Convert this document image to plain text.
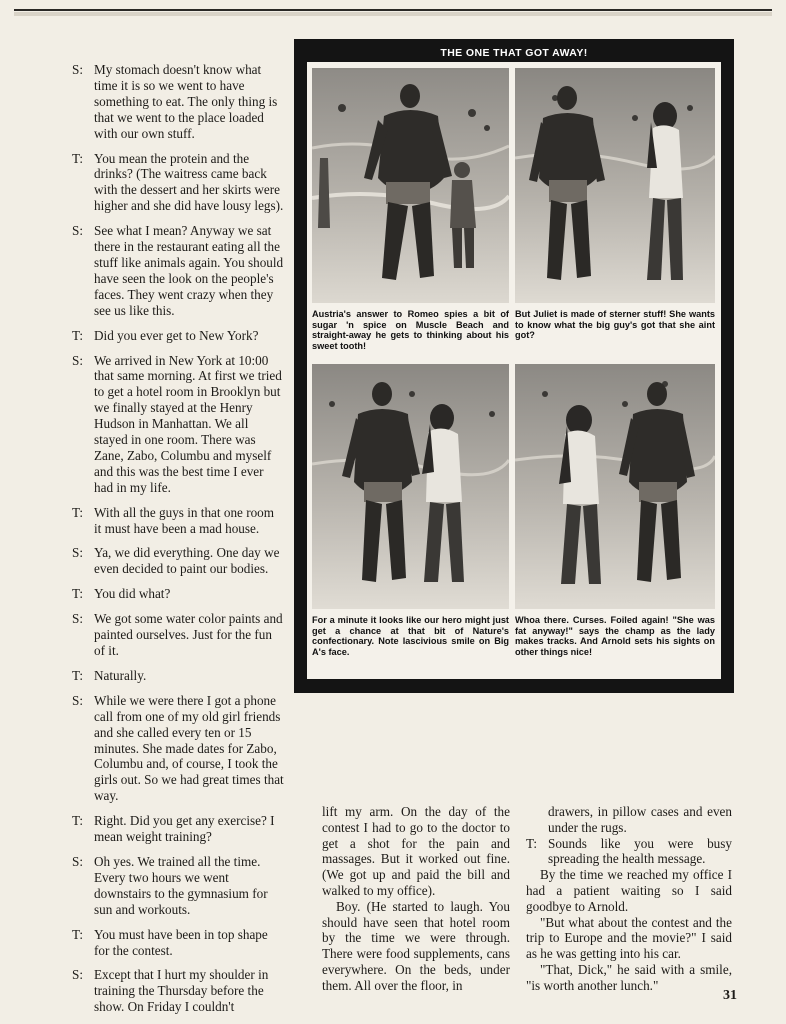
S: My stomach doesn't know what time it is so we went to have something to eat. The only thing is that we went to the place loaded with our own stuff.
T: You mean the protein and the drinks? (The waitress came back with the dessert and her skirts were higher and she did have lousy legs).
S: See what I mean? Anyway we sat there in the restaurant eating all the stuff like animals again. You should have seen the look on the people's faces. They went crazy when they see us like this.
T: Did you ever get to New York?
S: We arrived in New York at 10:00 that same morning. At first we tried to get a hotel room in Brooklyn but we finally stayed at the Henry Hudson in Manhattan. We all stayed in one room. There was Zane, Zabo, Columbu and myself and this was the best time I ever had in my life.
T: With all the guys in that one room it must have been a mad house.
S: Ya, we did everything. One day we even decided to paint our bodies.
T: You did what?
S: We got some water color paints and painted ourselves. Just for the fun of it.
T: Naturally.
S: While we were there I got a phone call from one of my old girl friends and she called every ten or 15 minutes. She made dates for Zabo, Columbu and, of course, I took the girls out. So we had great times that way.
T: Right. Did you get any exercise? I mean weight training?
S: Oh yes. We trained all the time. Every two hours we went downstairs to the gymnasium for sun and workouts.
T: You must have been in top shape for the contest.
S: Except that I hurt my shoulder in training the Thursday before the show. On Friday I couldn't
THE ONE THAT GOT AWAY!
Austria's answer to Romeo spies a bit of sugar 'n spice on Muscle Beach and straight-away he gets to thinking about his sweet tooth!
But Juliet is made of sterner stuff! She wants to know what the big guy's got that she aint got?
For a minute it looks like our hero might just get a chance at that bit of Nature's confectionary. Note lascivious smile on Big A's face.
Whoa there. Curses. Foiled again! "She was fat anyway!" says the champ as the lady makes tracks. And Arnold sets his sights on other things nice!

lift my arm. On the day of the contest I had to go to the doctor to get a shot for the pain and massages. But it worked out fine. (We got up and paid the bill and walked to my office).

Boy. (He started to laugh. You should have seen that hotel room by the time we were through. There were food supplements, cans everywhere. On the beds, under them. All over the floor, in

drawers, in pillow cases and even under the rugs.

T: Sounds like you were busy spreading the health message.

By the time we reached my office I had a patient waiting so I said goodbye to Arnold.

"But what about the contest and the trip to Europe and the movie?" I said as he was getting into his car.

"That, Dick," he said with a smile, "is worth another lunch."

31
